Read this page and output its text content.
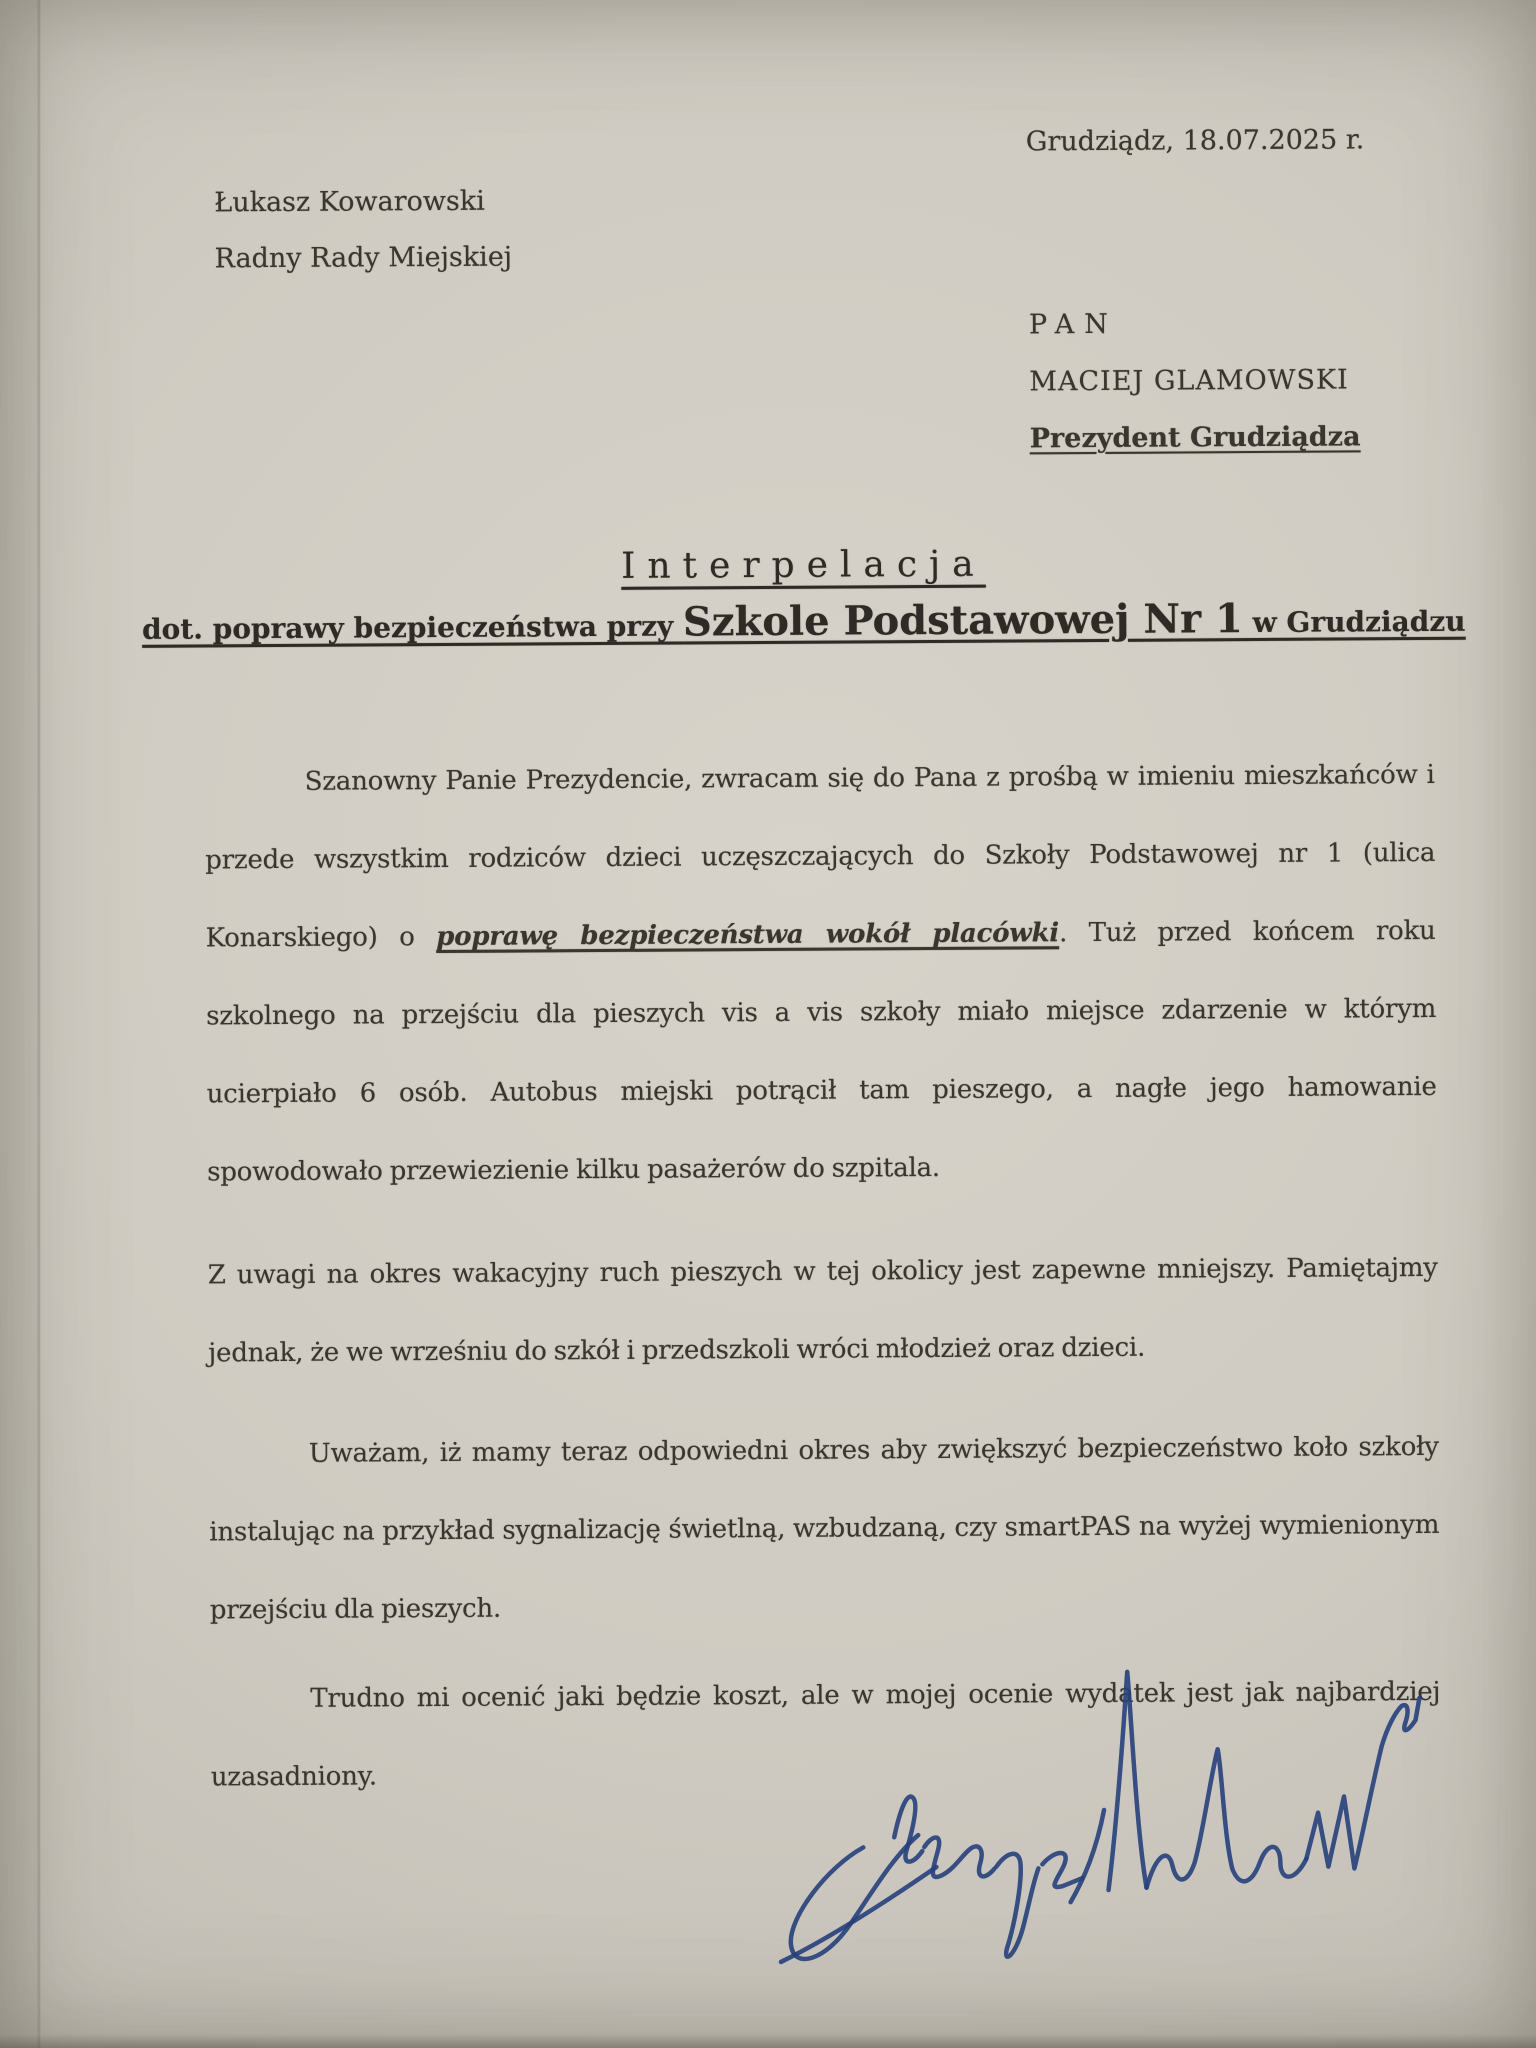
Grudziądz, 18.07.2025 r.
Łukasz Kowarowski
Radny Rady Miejskiej
PAN
MACIEJ GLAMOWSKI
Prezydent Grudziądza
Interpelacja
dot. poprawy bezpieczeństwa przy Szkole Podstawowej Nr 1 w Grudziądzu

Szanowny Panie Prezydencie, zwracam się do Pana z prośbą w imieniu mieszkańców i przede wszystkim rodziców dzieci uczęszczających do Szkoły Podstawowej nr 1 (ulica Konarskiego) o poprawę bezpieczeństwa wokół placówki. Tuż przed końcem roku szkolnego na przejściu dla pieszych vis a vis szkoły miało miejsce zdarzenie w którym ucierpiało 6 osób. Autobus miejski potrącił tam pieszego, a nagłe jego hamowanie spowodowało przewiezienie kilku pasażerów do szpitala.

Z uwagi na okres wakacyjny ruch pieszych w tej okolicy jest zapewne mniejszy. Pamiętajmy jednak, że we wrześniu do szkół i przedszkoli wróci młodzież oraz dzieci.

Uważam, iż mamy teraz odpowiedni okres aby zwiększyć bezpieczeństwo koło szkoły instalując na przykład sygnalizację świetlną, wzbudzaną, czy smartPAS na wyżej wymienionym przejściu dla pieszych.

Trudno mi ocenić jaki będzie koszt, ale w mojej ocenie wydatek jest jak najbardziej uzasadniony.
